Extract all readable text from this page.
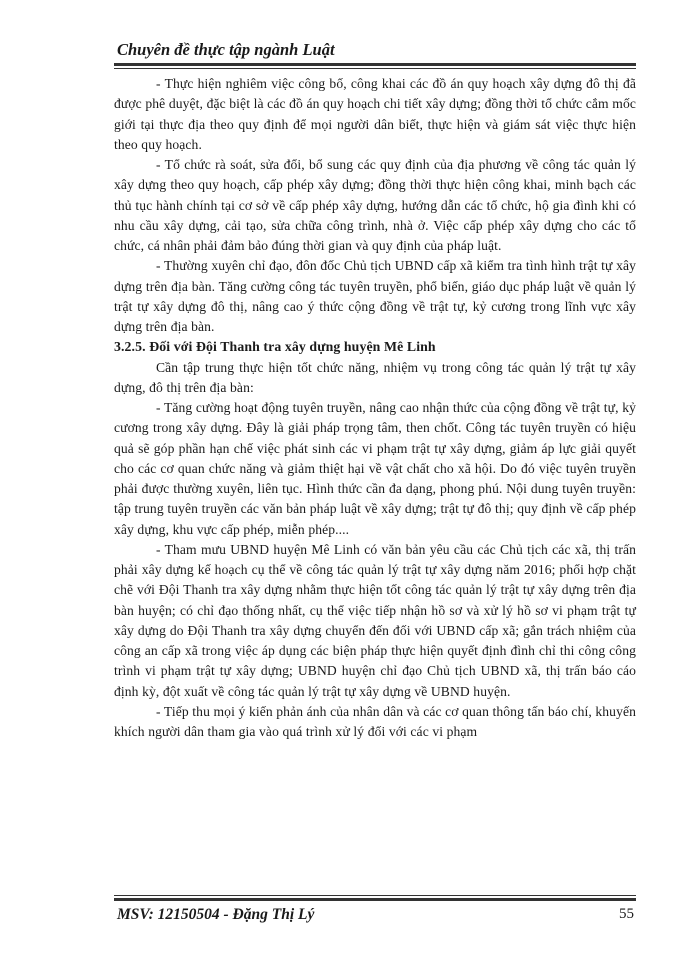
Chuyên đề thực tập ngành Luật

- Thực hiện nghiêm việc công bố, công khai các đồ án quy hoạch xây dựng đô thị đã được phê duyệt, đặc biệt là các đồ án quy hoạch chi tiết xây dựng; đồng thời tổ chức cắm mốc giới tại thực địa theo quy định để mọi người dân biết, thực hiện và giám sát việc thực hiện theo quy hoạch.

- Tổ chức rà soát, sửa đổi, bổ sung các quy định của địa phương về công tác quản lý xây dựng theo quy hoạch, cấp phép xây dựng; đồng thời thực hiện công khai, minh bạch các thủ tục hành chính tại cơ sở về cấp phép xây dựng, hướng dẫn các tổ chức, hộ gia đình khi có nhu cầu xây dựng, cải tạo, sửa chữa công trình, nhà ở. Việc cấp phép xây dựng cho các tổ chức, cá nhân phải đảm bảo đúng thời gian và quy định của pháp luật.

- Thường xuyên chỉ đạo, đôn đốc Chủ tịch UBND cấp xã kiểm tra tình hình trật tự xây dựng trên địa bàn. Tăng cường công tác tuyên truyền, phổ biến, giáo dục pháp luật về quản lý trật tự xây dựng đô thị, nâng cao ý thức cộng đồng về trật tự, kỷ cương trong lĩnh vực xây dựng trên địa bàn.

3.2.5. Đối với Đội Thanh tra xây dựng huyện Mê Linh

Cần tập trung thực hiện tốt chức năng, nhiệm vụ trong công tác quản lý trật tự xây dựng, đô thị trên địa bàn:

- Tăng cường hoạt động tuyên truyền, nâng cao nhận thức của cộng đồng về trật tự, kỷ cương trong xây dựng. Đây là giải pháp trọng tâm, then chốt. Công tác tuyên truyền có hiệu quả sẽ góp phần hạn chế việc phát sinh các vi phạm trật tự xây dựng, giảm áp lực giải quyết cho các cơ quan chức năng và giảm thiệt hại về vật chất cho xã hội. Do đó việc tuyên truyền phải được thường xuyên, liên tục. Hình thức cần đa dạng, phong phú. Nội dung tuyên truyền: tập trung tuyên truyền các văn bản pháp luật về xây dựng; trật tự đô thị; quy định về cấp phép xây dựng, khu vực cấp phép, miễn phép....

- Tham mưu UBND huyện Mê Linh có văn bản yêu cầu các Chủ tịch các xã, thị trấn phải xây dựng kế hoạch cụ thể về công tác quản lý trật tự xây dựng năm 2016; phối hợp chặt chẽ với Đội Thanh tra xây dựng nhằm thực hiện tốt công tác quản lý trật tự xây dựng trên địa bàn huyện; có chỉ đạo thống nhất, cụ thể việc tiếp nhận hồ sơ và xử lý hồ sơ vi phạm trật tự xây dựng do Đội Thanh tra xây dựng chuyển đến đối với UBND cấp xã; gắn trách nhiệm của công an cấp xã trong việc áp dụng các biện pháp thực hiện quyết định đình chỉ thi công công trình vi phạm trật tự xây dựng; UBND huyện chỉ đạo Chủ tịch UBND xã, thị trấn báo cáo định kỳ, đột xuất về công tác quản lý trật tự xây dựng về UBND huyện.

- Tiếp thu mọi ý kiến phản ánh của nhân dân và các cơ quan thông tấn báo chí, khuyến khích người dân tham gia vào quá trình xử lý đối với các vi phạm

MSV: 12150504 - Đặng Thị Lý	55
